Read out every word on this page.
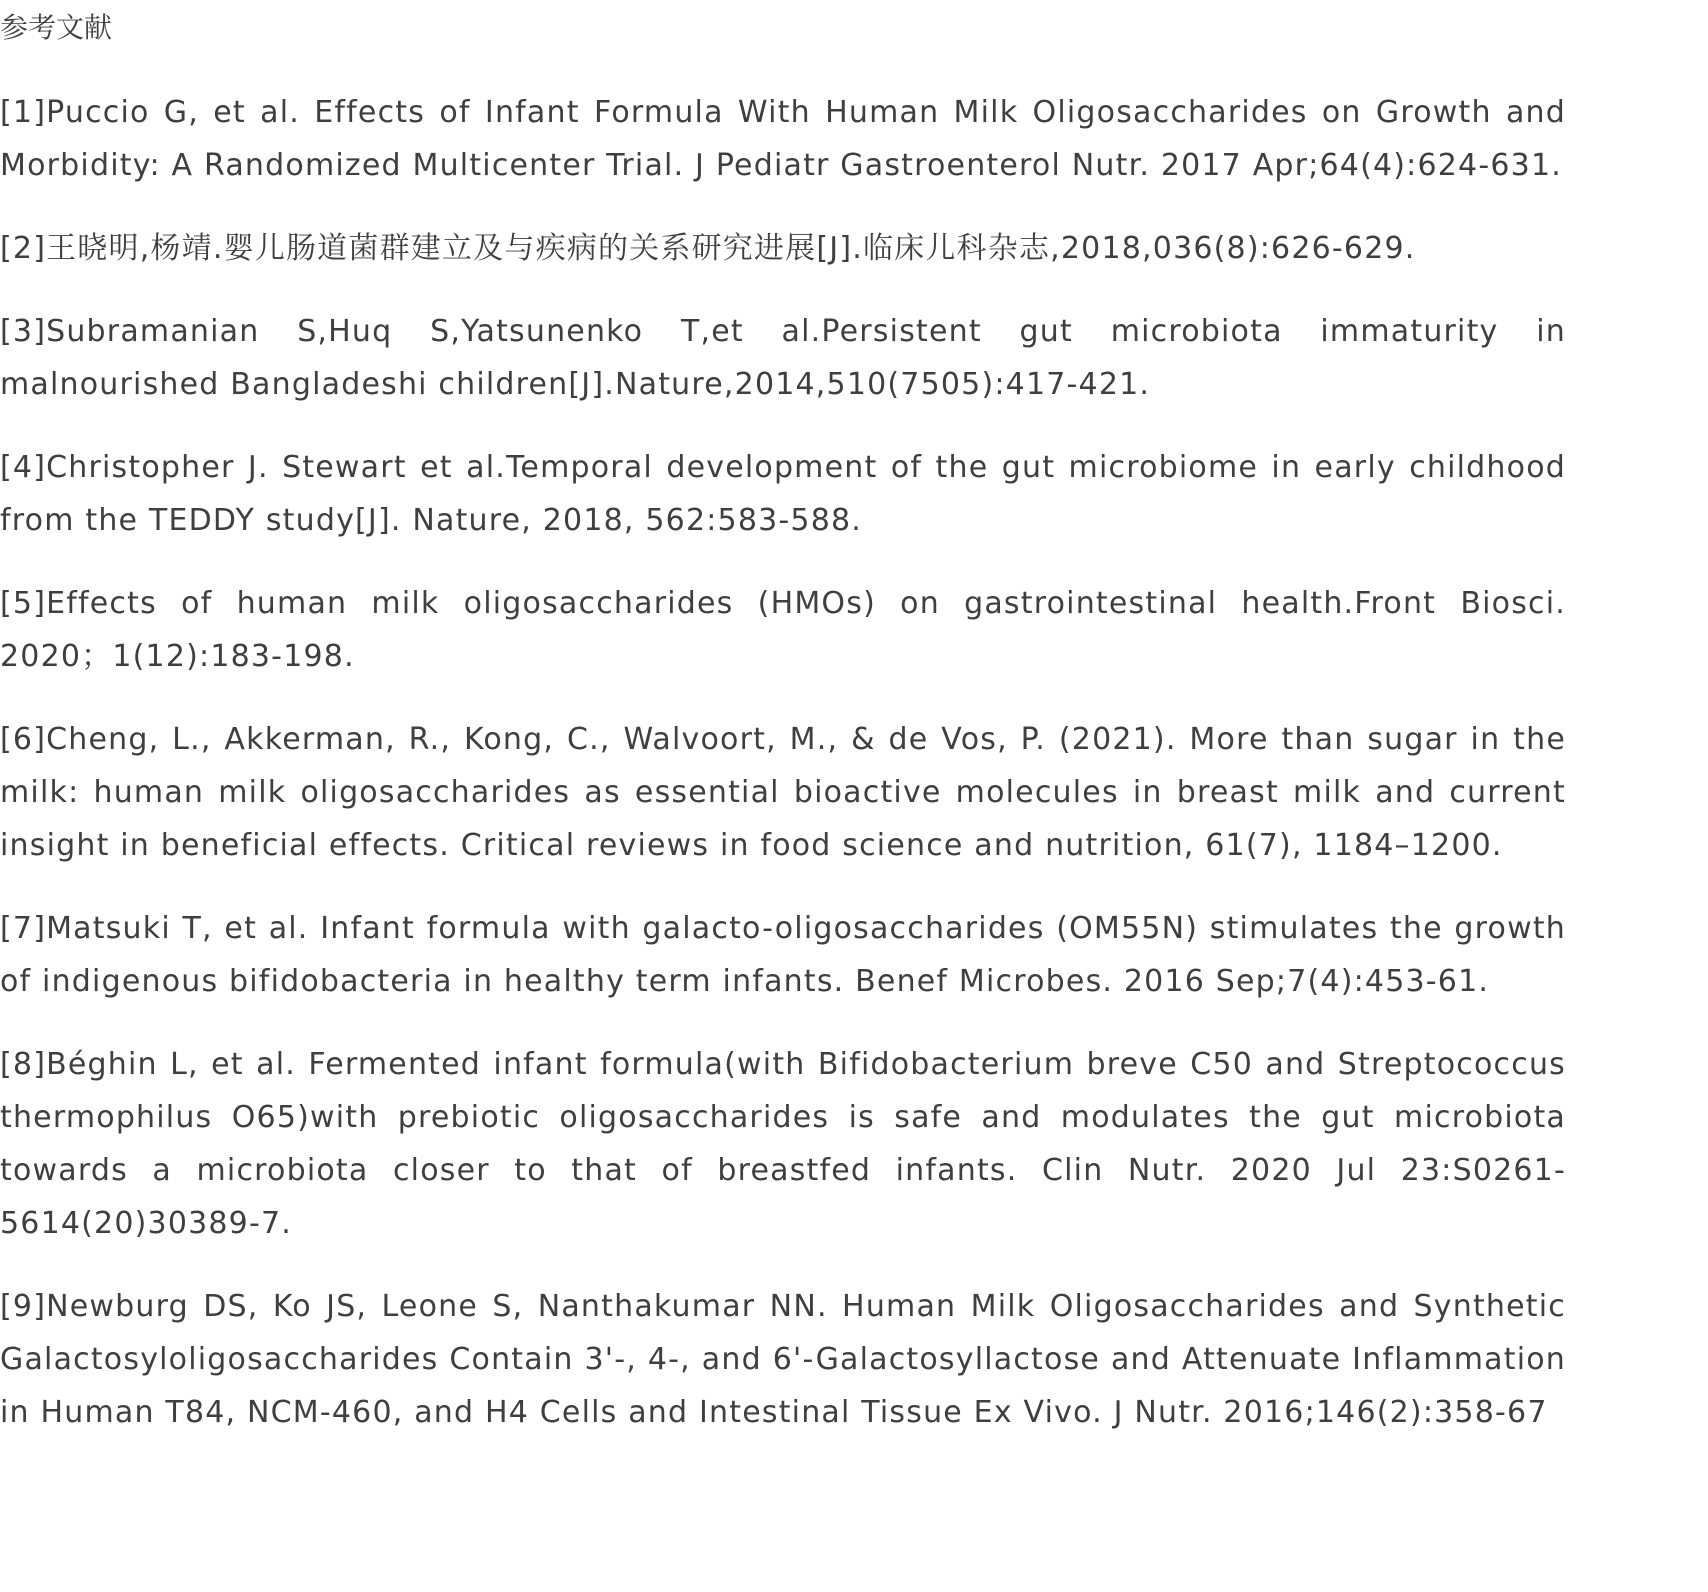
参考文献

[1]Puccio G, et al. Effects of Infant Formula With Human Milk Oligosaccharides on Growth and Morbidity: A Randomized Multicenter Trial. J Pediatr Gastroenterol Nutr. 2017 Apr;64(4):624-631.

[2]王晓明,杨靖.婴儿肠道菌群建立及与疾病的关系研究进展[J].临床儿科杂志,2018,036(8):626-629.

[3]Subramanian S,Huq S,Yatsunenko T,et al.Persistent gut microbiota immaturity in malnourished Bangladeshi children[J].Nature,2014,510(7505):417-421.

[4]Christopher J. Stewart et al.Temporal development of the gut microbiome in early childhood from the TEDDY study[J]. Nature, 2018, 562:583-588.

[5]Effects of human milk oligosaccharides (HMOs) on gastrointestinal health.Front Biosci. 2020；1(12):183-198.

[6]Cheng, L., Akkerman, R., Kong, C., Walvoort, M., & de Vos, P. (2021). More than sugar in the milk: human milk oligosaccharides as essential bioactive molecules in breast milk and current insight in beneficial effects. Critical reviews in food science and nutrition, 61(7), 1184–1200.

[7]Matsuki T, et al. Infant formula with galacto-oligosaccharides (OM55N) stimulates the growth of indigenous bifidobacteria in healthy term infants. Benef Microbes. 2016 Sep;7(4):453-61.

[8]Béghin L, et al. Fermented infant formula(with Bifidobacterium breve C50 and Streptococcus thermophilus O65)with prebiotic oligosaccharides is safe and modulates the gut microbiota towards a microbiota closer to that of breastfed infants. Clin Nutr. 2020 Jul 23:S0261-5614(20)30389-7.

[9]Newburg DS, Ko JS, Leone S, Nanthakumar NN. Human Milk Oligosaccharides and Synthetic Galactosyloligosaccharides Contain 3'-, 4-, and 6'-Galactosyllactose and Attenuate Inflammation in Human T84, NCM-460, and H4 Cells and Intestinal Tissue Ex Vivo. J Nutr. 2016;146(2):358-67
